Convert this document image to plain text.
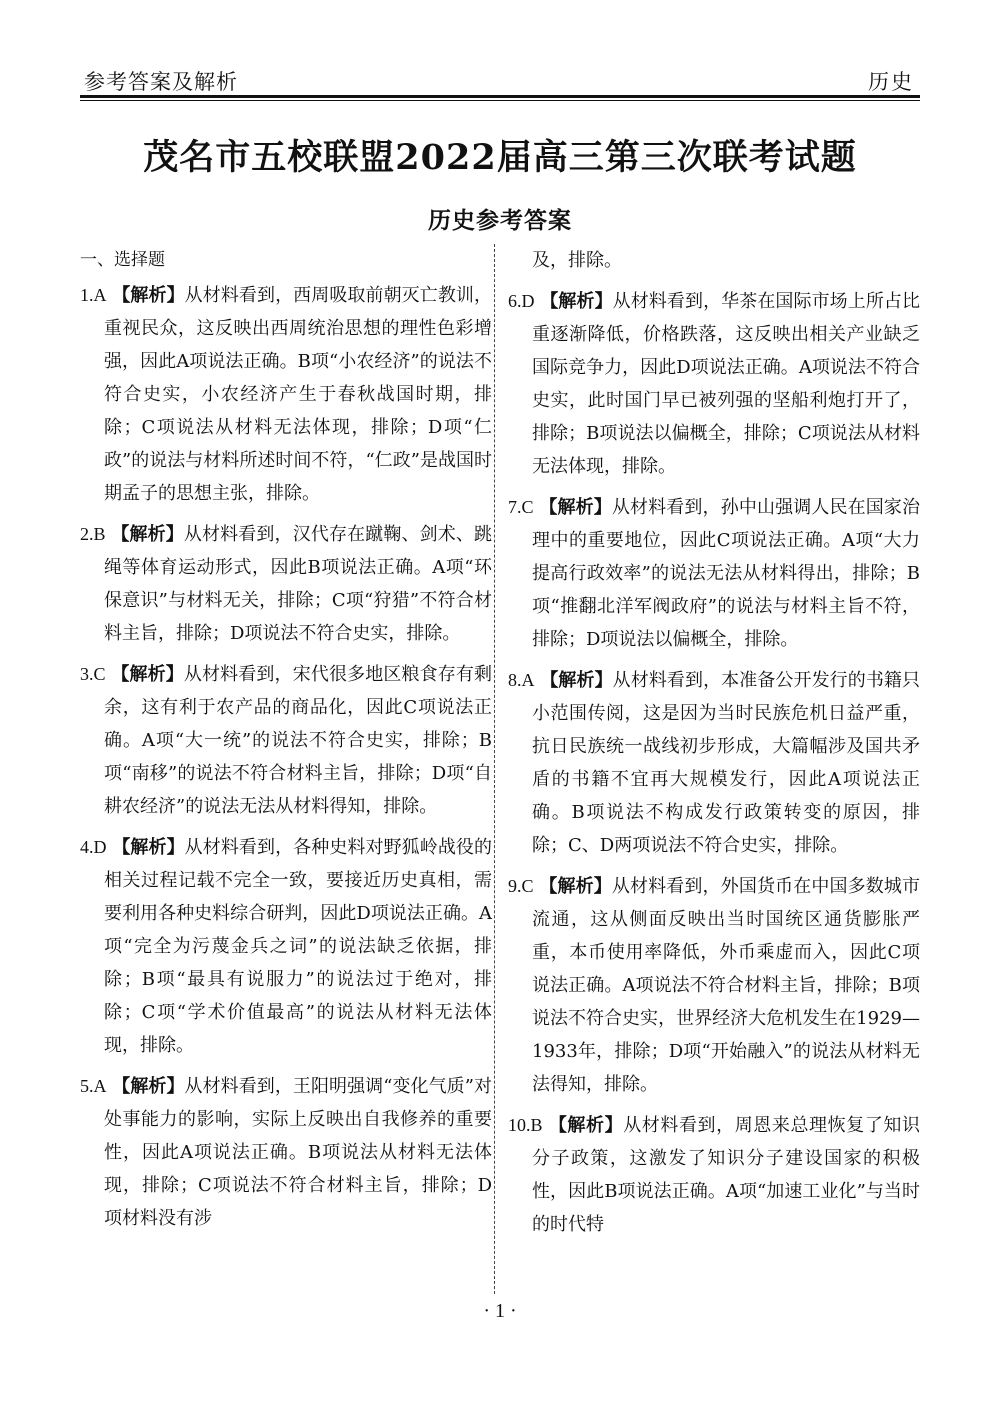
参考答案及解析	历史
茂名市五校联盟2022届高三第三次联考试题
历史参考答案
一、选择题
1.A 【解析】从材料看到，西周吸取前朝灭亡教训，重视民众，这反映出西周统治思想的理性色彩增强，因此A项说法正确。B项“小农经济”的说法不符合史实，小农经济产生于春秋战国时期，排除；C项说法从材料无法体现，排除；D项“仁政”的说法与材料所述时间不符，“仁政”是战国时期孟子的思想主张，排除。
2.B 【解析】从材料看到，汉代存在蹴鞠、剑术、跳绳等体育运动形式，因此B项说法正确。A项“环保意识”与材料无关，排除；C项“狩猎”不符合材料主旨，排除；D项说法不符合史实，排除。
3.C 【解析】从材料看到，宋代很多地区粮食存有剩余，这有利于农产品的商品化，因此C项说法正确。A项“大一统”的说法不符合史实，排除；B项“南移”的说法不符合材料主旨，排除；D项“自耕农经济”的说法无法从材料得知，排除。
4.D 【解析】从材料看到，各种史料对野狐岭战役的相关过程记载不完全一致，要接近历史真相，需要利用各种史料综合研判，因此D项说法正确。A项“完全为污蔑金兵之词”的说法缺乏依据，排除；B项“最具有说服力”的说法过于绝对，排除；C项“学术价值最高”的说法从材料无法体现，排除。
5.A 【解析】从材料看到，王阳明强调“变化气质”对处事能力的影响，实际上反映出自我修养的重要性，因此A项说法正确。B项说法从材料无法体现，排除；C项说法不符合材料主旨，排除；D项材料没有涉
及，排除。
6.D 【解析】从材料看到，华茶在国际市场上所占比重逐渐降低，价格跌落，这反映出相关产业缺乏国际竞争力，因此D项说法正确。A项说法不符合史实，此时国门早已被列强的坚船利炮打开了，排除；B项说法以偏概全，排除；C项说法从材料无法体现，排除。
7.C 【解析】从材料看到，孙中山强调人民在国家治理中的重要地位，因此C项说法正确。A项“大力提高行政效率”的说法无法从材料得出，排除；B项“推翻北洋军阀政府”的说法与材料主旨不符，排除；D项说法以偏概全，排除。
8.A 【解析】从材料看到，本准备公开发行的书籍只小范围传阅，这是因为当时民族危机日益严重，抗日民族统一战线初步形成，大篇幅涉及国共矛盾的书籍不宜再大规模发行，因此A项说法正确。B项说法不构成发行政策转变的原因，排除；C、D两项说法不符合史实，排除。
9.C 【解析】从材料看到，外国货币在中国多数城市流通，这从侧面反映出当时国统区通货膨胀严重，本币使用率降低，外币乘虚而入，因此C项说法正确。A项说法不符合材料主旨，排除；B项说法不符合史实，世界经济大危机发生在1929—1933年，排除；D项“开始融入”的说法从材料无法得知，排除。
10.B 【解析】从材料看到，周恩来总理恢复了知识分子政策，这激发了知识分子建设国家的积极性，因此B项说法正确。A项“加速工业化”与当时的时代特
· 1 ·
